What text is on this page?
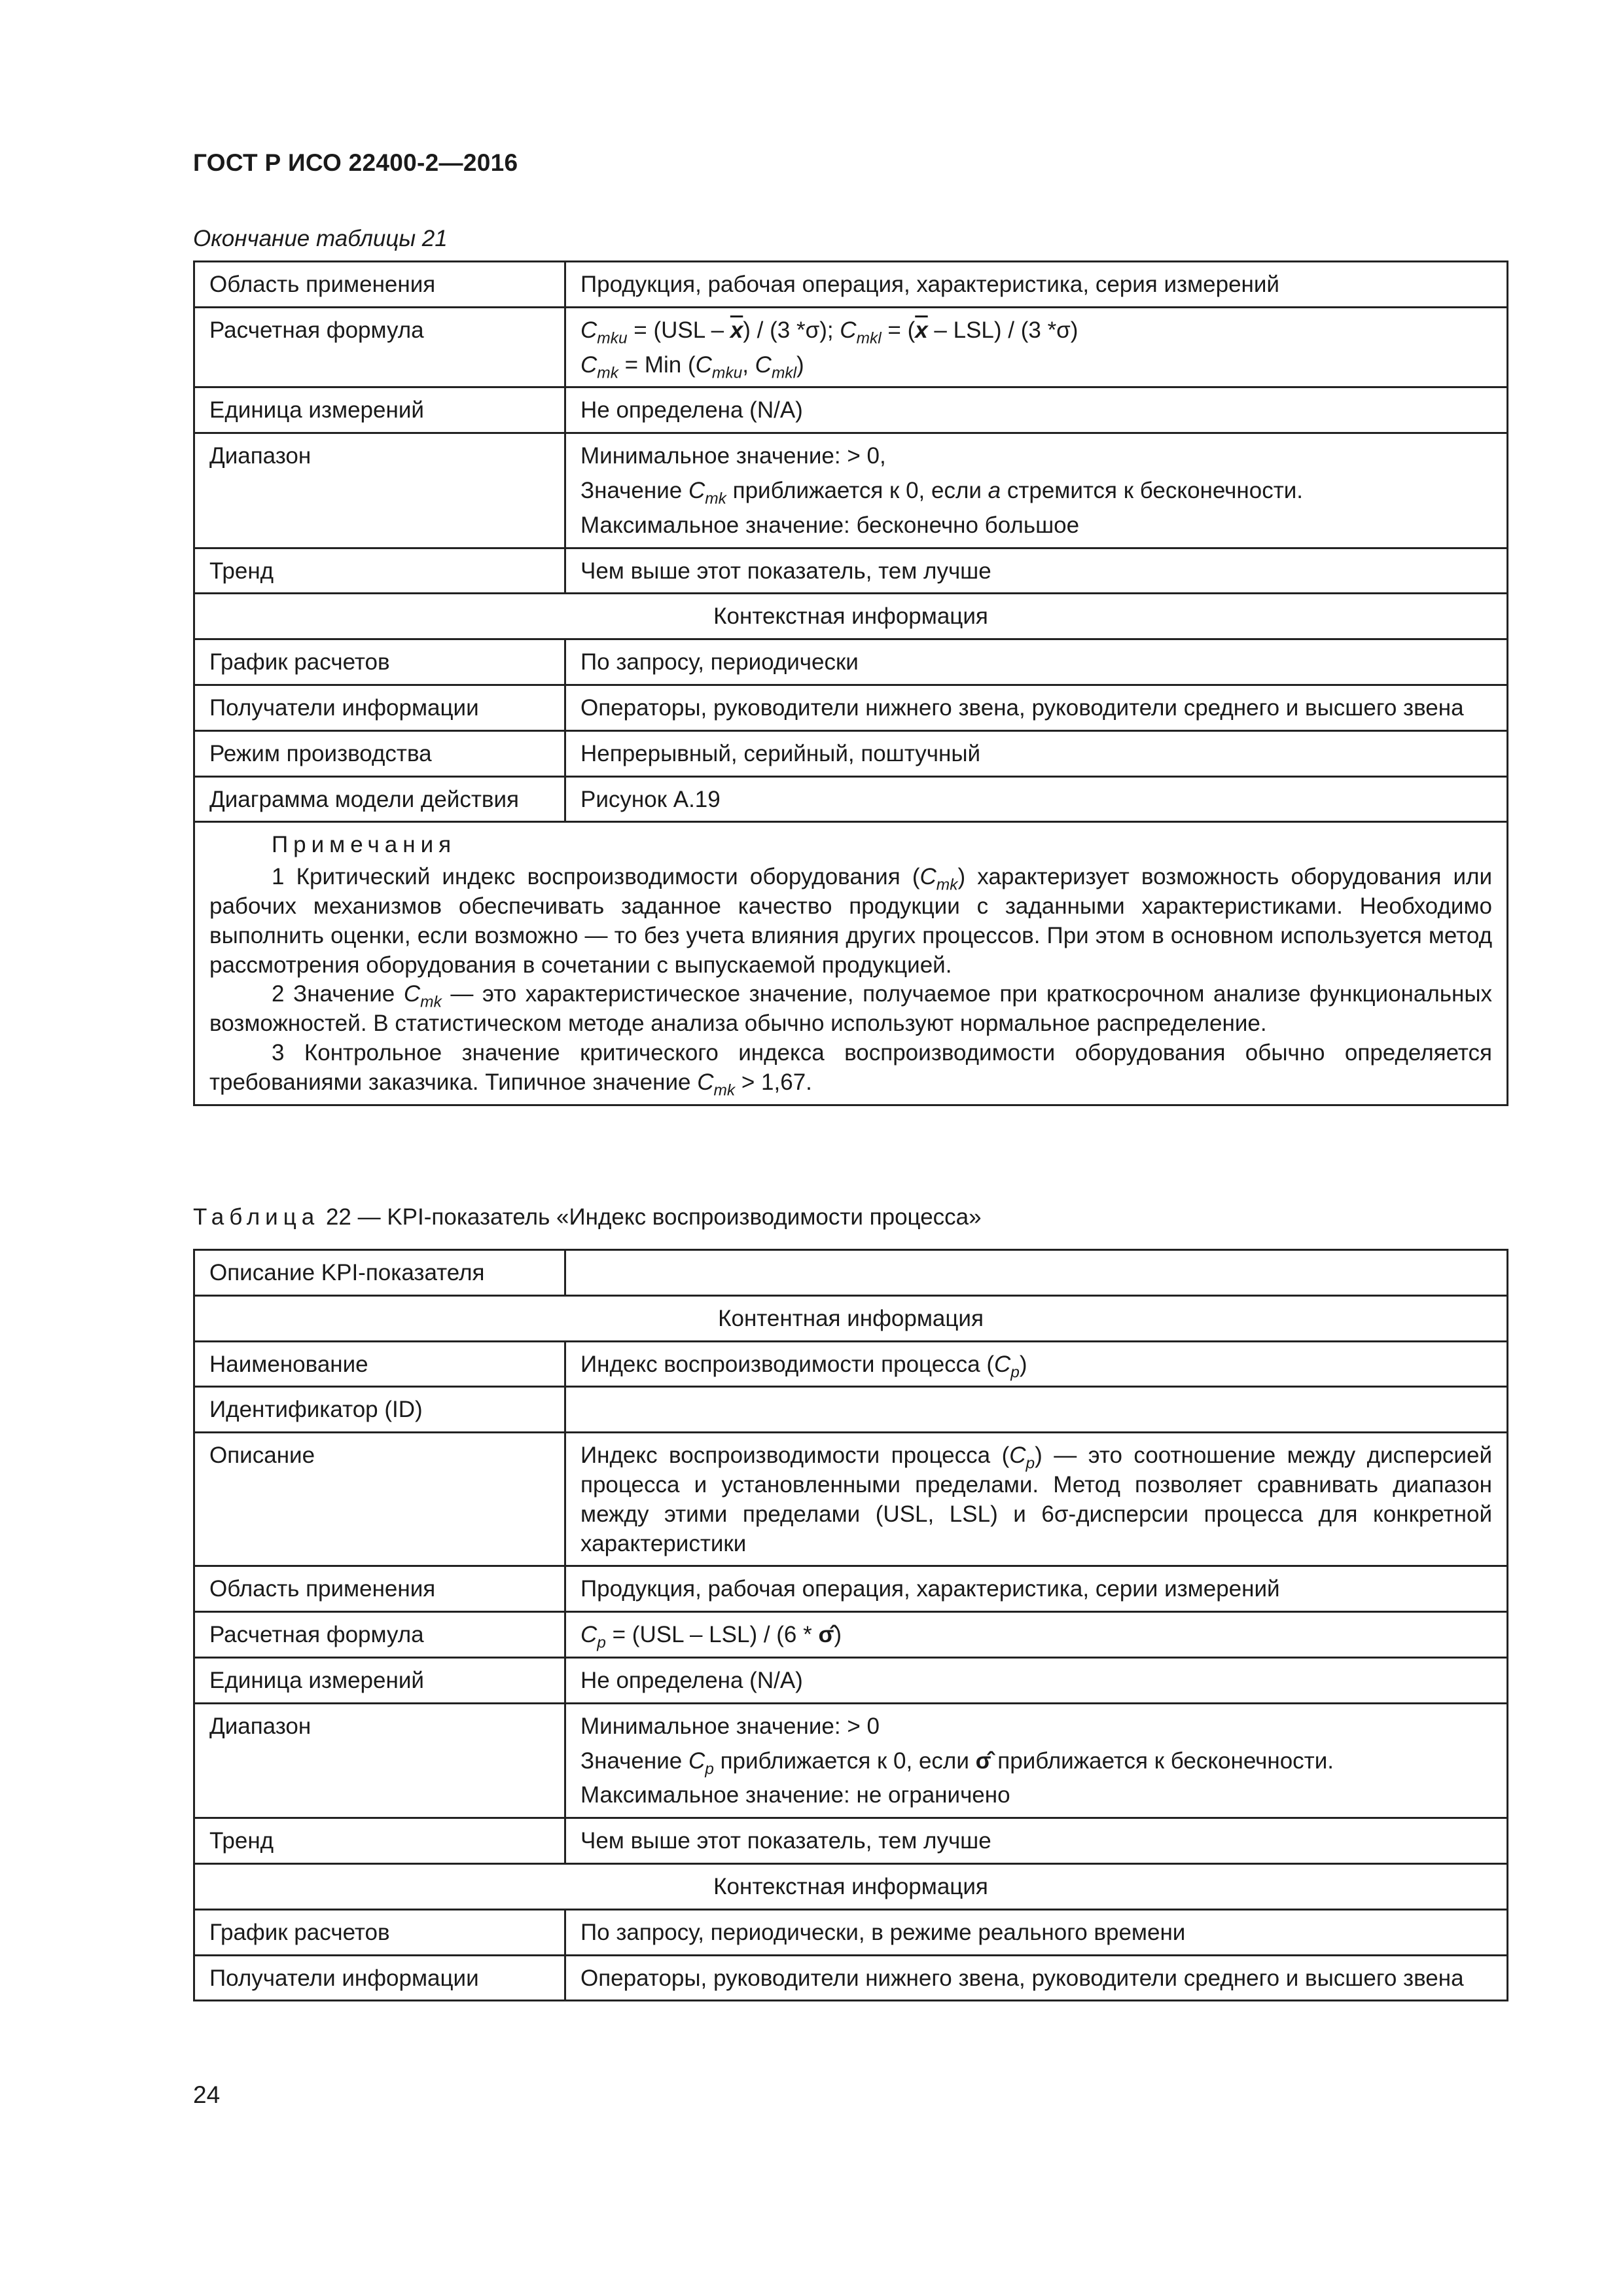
ГОСТ Р ИСО 22400-2—2016
Окончание таблицы 21
Область применения	Продукция, рабочая операция, характеристика, серия измерений
Расчетная формула	$C_{mku} = (USL - \overline{x}) / (3$ *σ); $C_{mkl} = (\overline{x} - LSL) / (3$ *σ)
$C_{mk}$ = Min ($C_{mku}$, $C_{mkl}$)

Единица измерений	Не определена (N/A)
Диапазон	Минимальное значение: > 0,
Значение $C_{mk}$ приближается к 0, если a стремится к бесконечности.
Максимальное значение: бесконечно большое

Тренд	Чем выше этот показатель, тем лучше
Контекстная информация	
График расчетов	По запросу, периодически
Получатели информации	Операторы, руководители нижнего звена, руководители среднего и высшего звена
Режим производства	Непрерывный, серийный, поштучный
Диаграмма модели действия	Рисунок А.19

Примечания
1 Критический индекс воспроизводимости оборудования $(C_{mk})$ характеризует возможность оборудования или рабочих механизмов обеспечивать заданное качество продукции с заданными характеристиками. Необходимо выполнить оценки, если возможно — то без учета влияния других процессов. При этом в основном используется метод рассмотрения оборудования в сочетании с выпускаемой продукцией.
2 Значение $C_{mk}$ — это характеристическое значение, получаемое при краткосрочном анализе функциональных возможностей. В статистическом методе анализа обычно используют нормальное распределение.
3 Контрольное значение критического индекса воспроизводимости оборудования обычно определяется требованиями заказчика. Типичное значение $C_{mk} > 1,67$.	
Таблица 22 — KPI-показатель «Индекс воспроизводимости процесса»
Описание KPI-показателя	
Контентная информация	
Наименование	Индекс воспроизводимости процесса $(C_p)$
Идентификатор (ID)	
Описание	Индекс воспроизводимости процесса $(C_p)$ — это соотношение между дисперсией процесса и установленными пределами. Метод позволяет сравнивать диапазон между этими пределами (USL, LSL) и 6σ-дисперсии процесса для конкретной характеристики
Область применения	Продукция, рабочая операция, характеристика, серии измерений
Расчетная формула	$C_p = (USL - LSL) / (6$ * σ̂)
Единица измерений	Не определена (N/A)
Диапазон	Минимальное значение: > 0
Значение $C_p$ приближается к 0, если σ̂ приближается к бесконечности.
Максимальное значение: не ограничено

Тренд	Чем выше этот показатель, тем лучше
Контекстная информация	
График расчетов	По запросу, периодически, в режиме реального времени
Получатели информации	Операторы, руководители нижнего звена, руководители среднего и высшего звена
24
